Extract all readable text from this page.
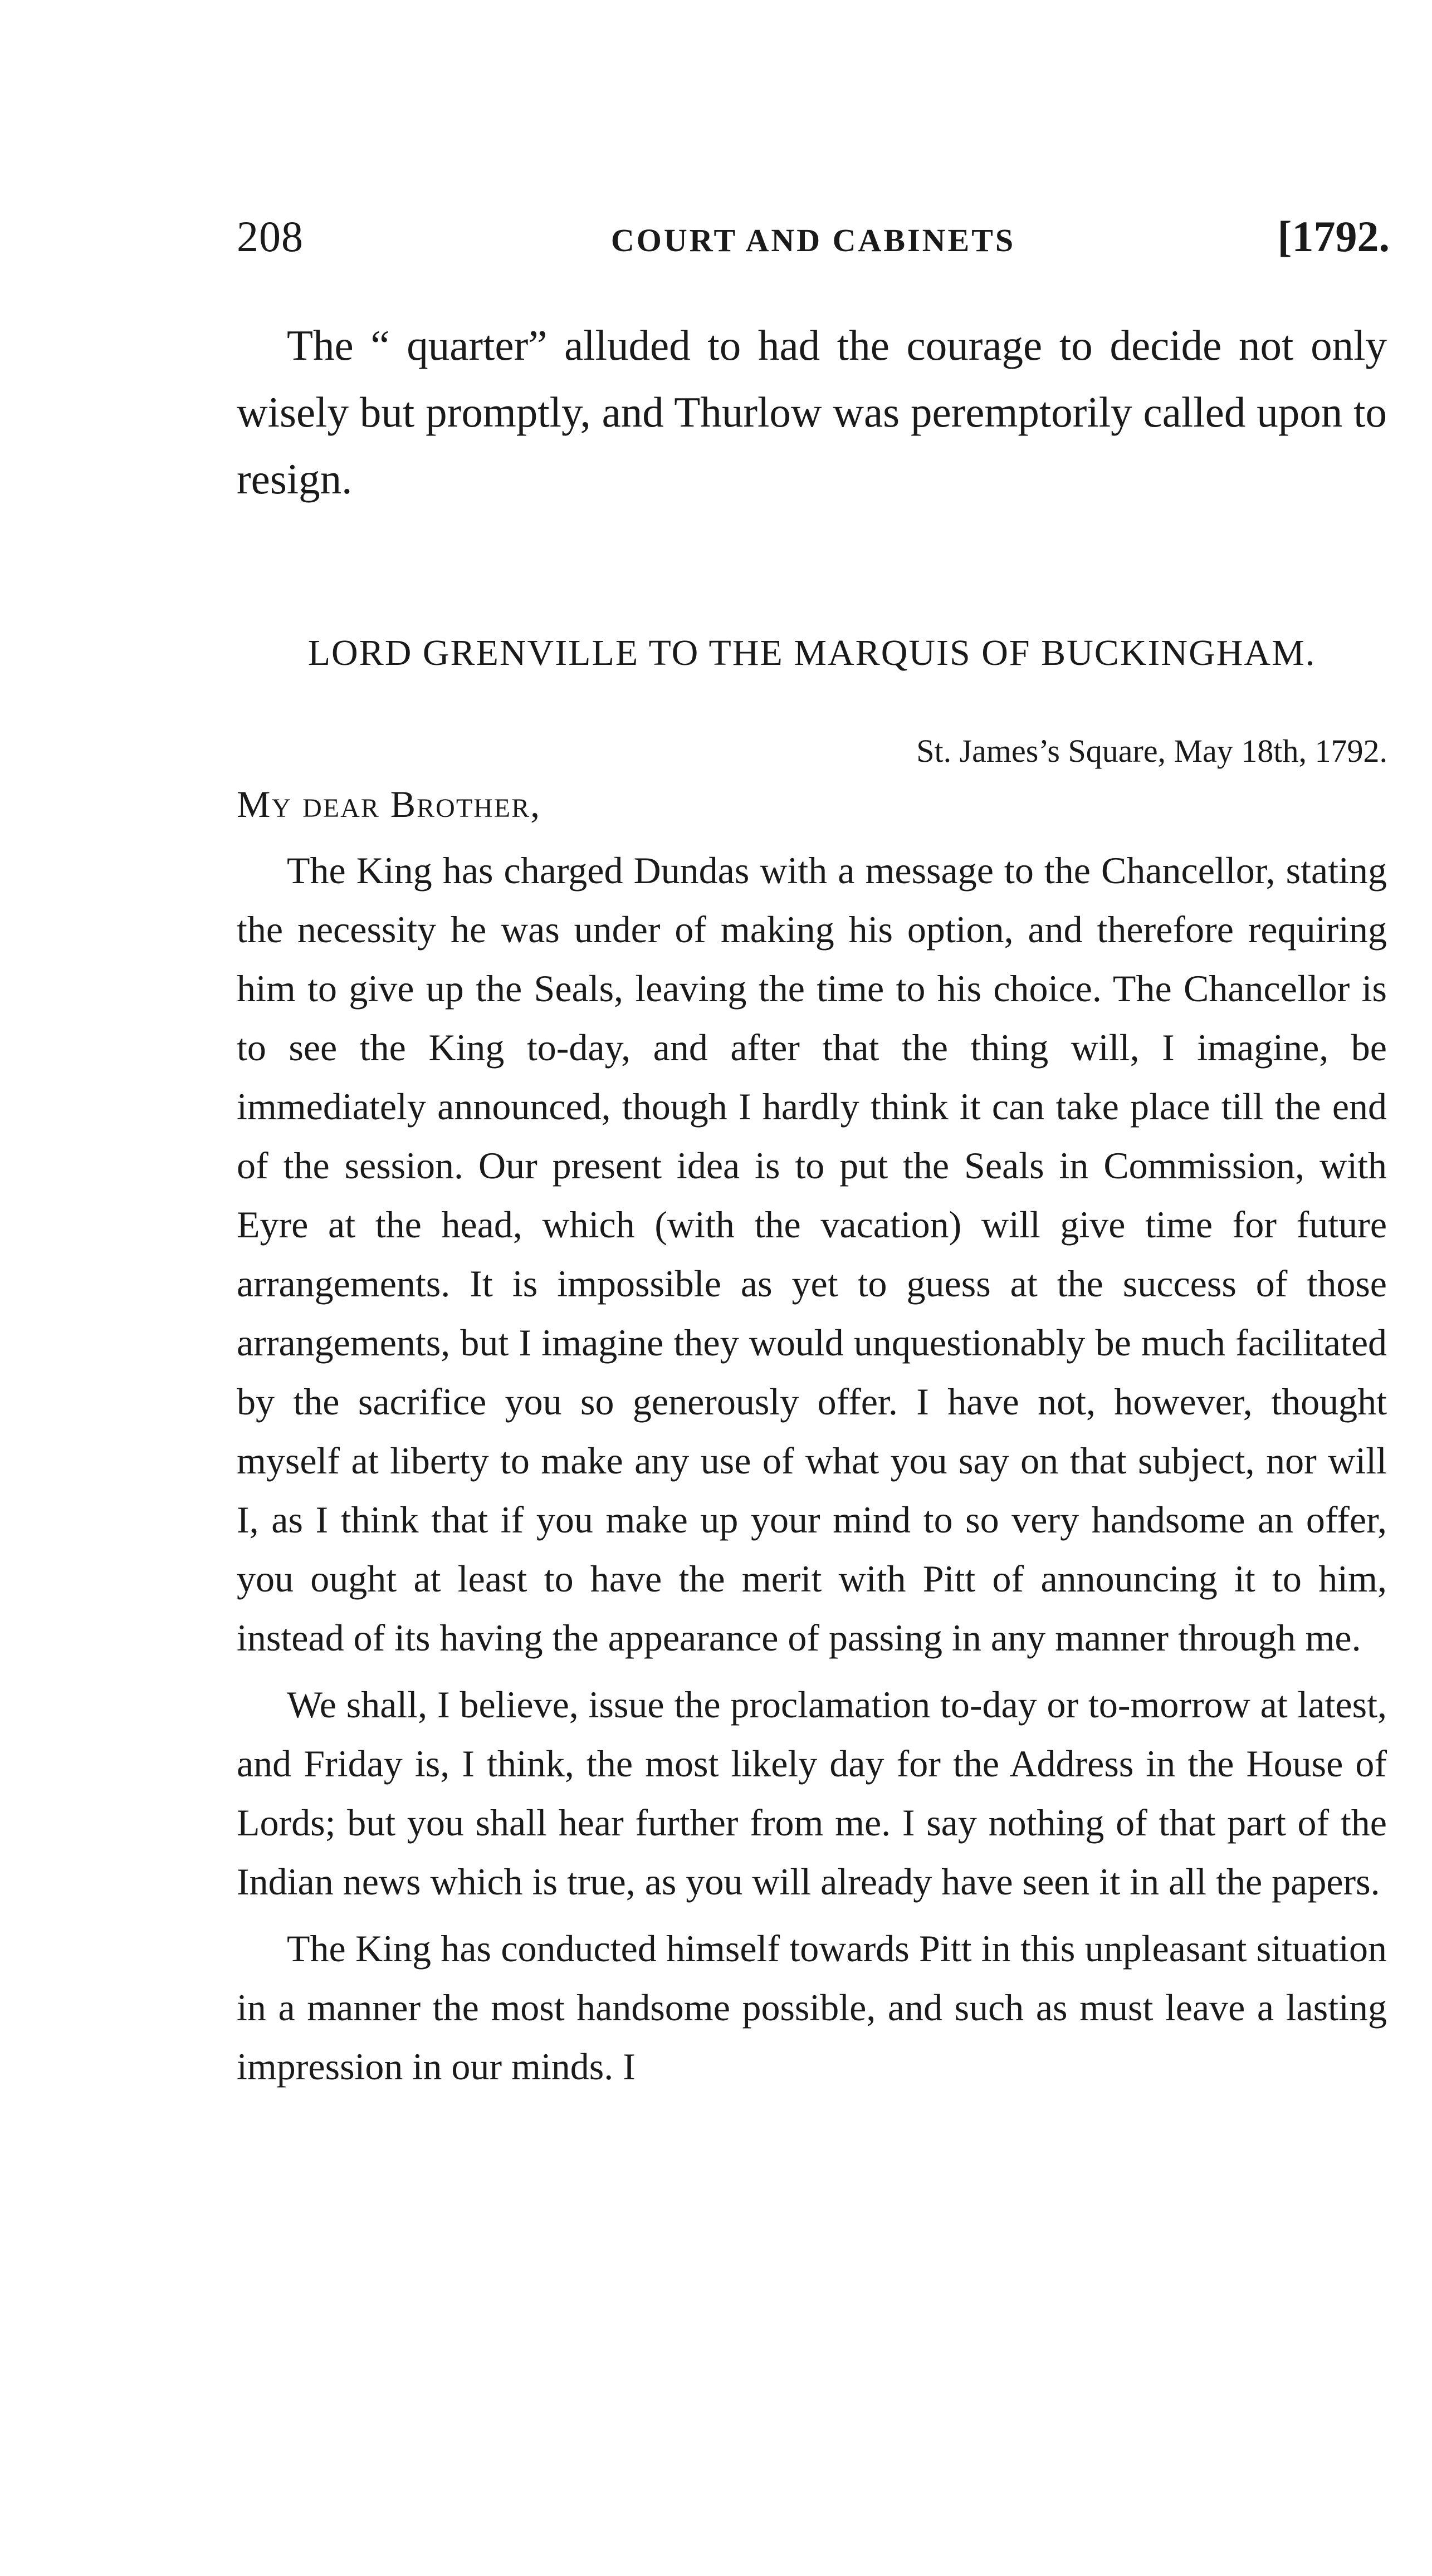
208	COURT AND CABINETS	[1792.

The “ quarter” alluded to had the courage to decide not only wisely but promptly, and Thurlow was peremptorily called upon to resign.

LORD GRENVILLE TO THE MARQUIS OF BUCKINGHAM.
St. James’s Square, May 18th, 1792.
My dear Brother,

The King has charged Dundas with a message to the Chancellor, stating the necessity he was under of making his option, and therefore requiring him to give up the Seals, leaving the time to his choice. The Chancellor is to see the King to-day, and after that the thing will, I imagine, be immediately announced, though I hardly think it can take place till the end of the session. Our present idea is to put the Seals in Commission, with Eyre at the head, which (with the vacation) will give time for future arrangements. It is impossible as yet to guess at the success of those arrangements, but I imagine they would unquestionably be much facilitated by the sacrifice you so generously offer. I have not, however, thought myself at liberty to make any use of what you say on that subject, nor will I, as I think that if you make up your mind to so very handsome an offer, you ought at least to have the merit with Pitt of announcing it to him, instead of its having the appearance of passing in any manner through me.

We shall, I believe, issue the proclamation to-day or to-morrow at latest, and Friday is, I think, the most likely day for the Address in the House of Lords; but you shall hear further from me. I say nothing of that part of the Indian news which is true, as you will already have seen it in all the papers.

The King has conducted himself towards Pitt in this unpleasant situation in a manner the most handsome possible, and such as must leave a lasting impression in our minds. I
